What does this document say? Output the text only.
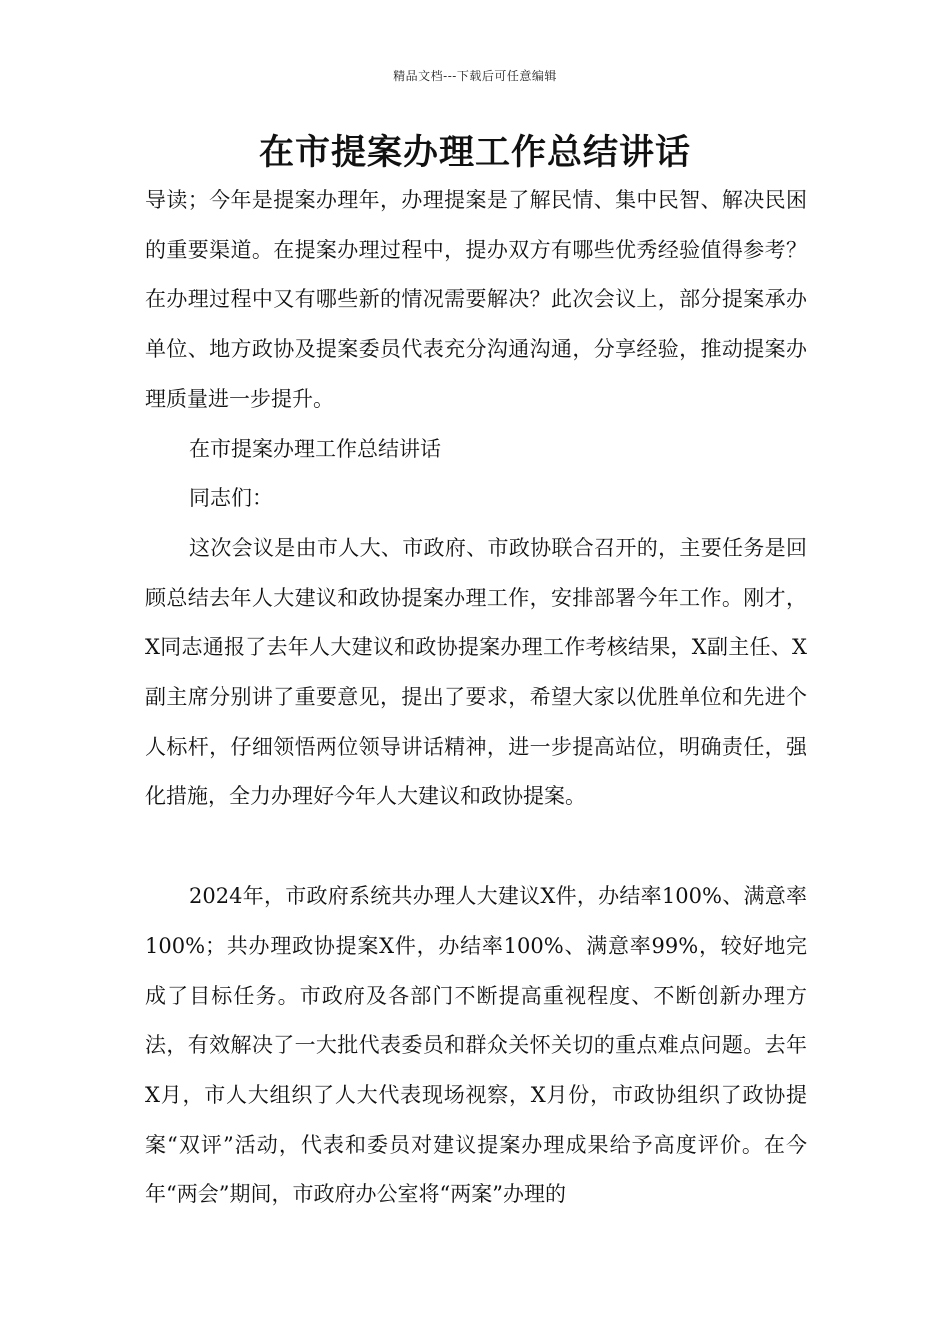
精品文档---下载后可任意编辑
在市提案办理工作总结讲话

导读；今年是提案办理年，办理提案是了解民情、集中民智、解决民困的重要渠道。在提案办理过程中，提办双方有哪些优秀经验值得参考？在办理过程中又有哪些新的情况需要解决？此次会议上，部分提案承办单位、地方政协及提案委员代表充分沟通沟通，分享经验，推动提案办理质量进一步提升。

在市提案办理工作总结讲话

同志们：

这次会议是由市人大、市政府、市政协联合召开的，主要任务是回顾总结去年人大建议和政协提案办理工作，安排部署今年工作。刚才，X同志通报了去年人大建议和政协提案办理工作考核结果，X副主任、X副主席分别讲了重要意见，提出了要求，希望大家以优胜单位和先进个人标杆，仔细领悟两位领导讲话精神，进一步提高站位，明确责任，强化措施，全力办理好今年人大建议和政协提案。

2024年，市政府系统共办理人大建议X件，办结率100%、满意率100%；共办理政协提案X件，办结率100%、满意率99%，较好地完成了目标任务。市政府及各部门不断提高重视程度、不断创新办理方法，有效解决了一大批代表委员和群众关怀关切的重点难点问题。去年X月，市人大组织了人大代表现场视察，X月份，市政协组织了政协提案“双评”活动，代表和委员对建议提案办理成果给予高度评价。在今年“两会”期间，市政府办公室将“两案”办理的
